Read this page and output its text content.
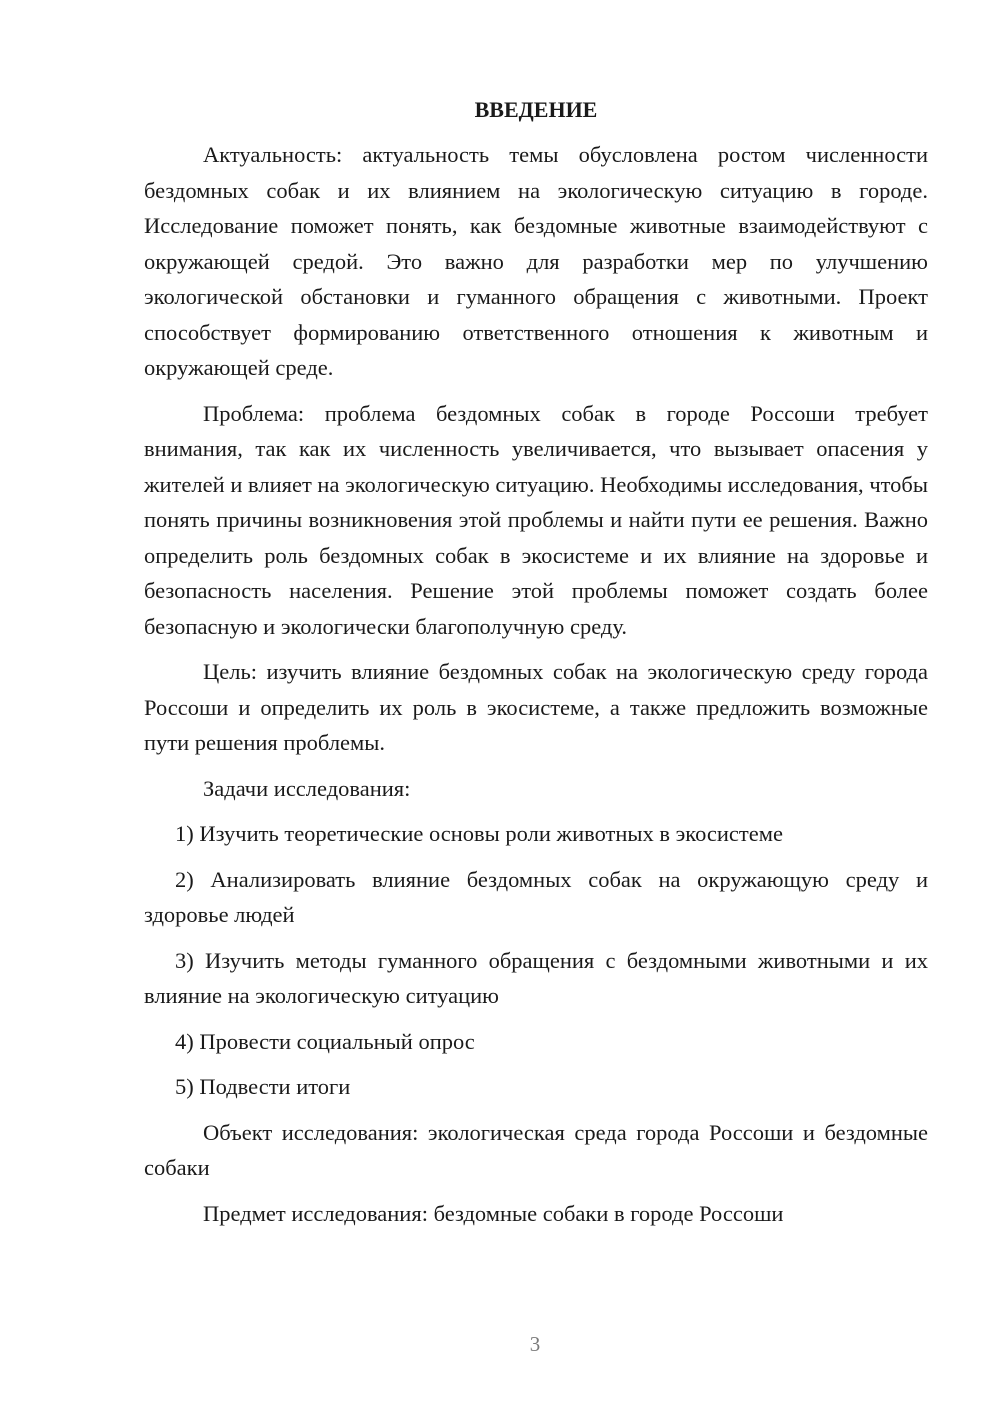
ВВЕДЕНИЕ

Актуальность: актуальность темы обусловлена ростом численности бездомных собак и их влиянием на экологическую ситуацию в городе. Исследование поможет понять, как бездомные животные взаимодействуют с окружающей средой. Это важно для разработки мер по улучшению экологической обстановки и гуманного обращения с животными. Проект способствует формированию ответственного отношения к животным и окружающей среде.

Проблема: проблема бездомных собак в городе Россоши требует внимания, так как их численность увеличивается, что вызывает опасения у жителей и влияет на экологическую ситуацию. Необходимы исследования, чтобы понять причины возникновения этой проблемы и найти пути ее решения. Важно определить роль бездомных собак в экосистеме и их влияние на здоровье и безопасность населения. Решение этой проблемы поможет создать более безопасную и экологически благополучную среду.

Цель: изучить влияние бездомных собак на экологическую среду города Россоши и определить их роль в экосистеме, а также предложить возможные пути решения проблемы.

Задачи исследования:

1) Изучить теоретические основы роли животных в экосистеме

2) Анализировать влияние бездомных собак на окружающую среду и здоровье людей

3) Изучить методы гуманного обращения с бездомными животными и их влияние на экологическую ситуацию

4) Провести социальный опрос

5) Подвести итоги

Объект исследования: экологическая среда города Россоши и бездомные собаки

Предмет исследования: бездомные собаки в городе Россоши

3
